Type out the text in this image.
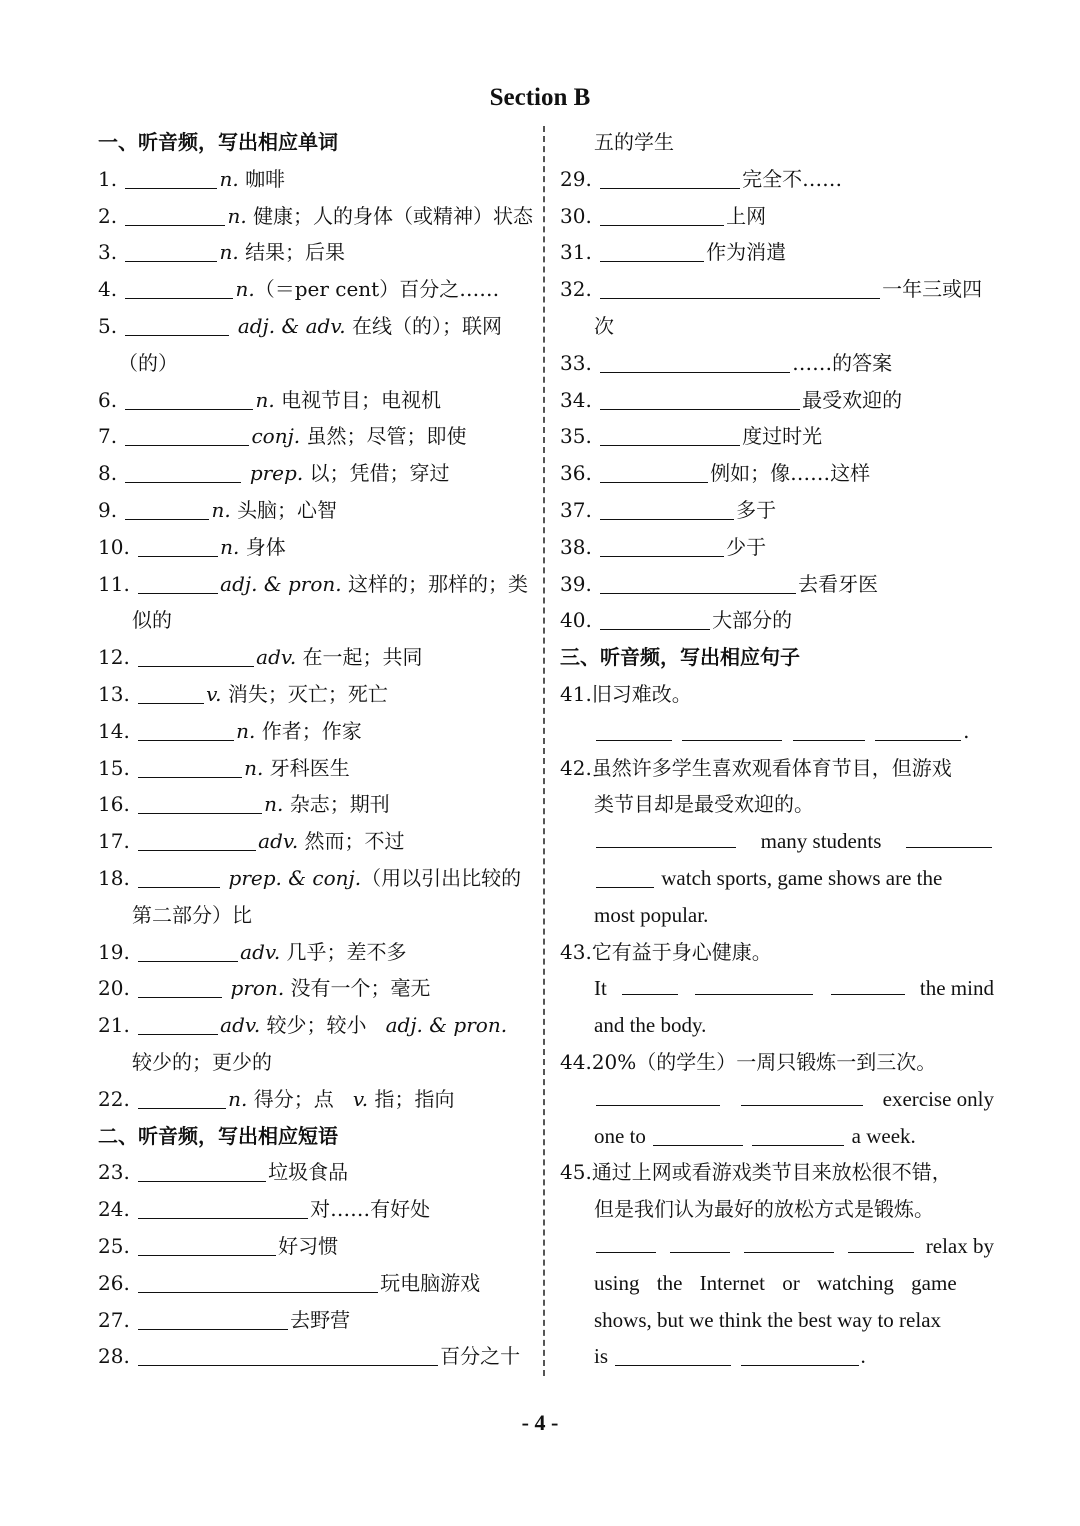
Section B
一、听音频，写出相应单词
1.	n. 咖啡
2.	n. 健康；人的身体（或精神）状态
3.	n. 结果；后果
4.	n.（＝per cent）百分之……
5.	adj. & adv. 在线（的）；联网
（的）
6.	n. 电视节目；电视机
7.	conj. 虽然；尽管；即使
8.	prep. 以；凭借；穿过
9.	n. 头脑；心智
10.	n. 身体
11.	adj. & pron. 这样的；那样的；类
似的
12.	adv. 在一起；共同
13.	v. 消失；灭亡；死亡
14.	n. 作者；作家
15.	n. 牙科医生
16.	n. 杂志；期刊
17.	adv. 然而；不过
18.	prep. & conj.（用以引出比较的
第二部分）比
19.	adv. 几乎；差不多
20.	pron. 没有一个；毫无
21.	adv. 较少；较小 adj. & pron.
较少的；更少的
22.	n. 得分；点 v. 指；指向
二、听音频，写出相应短语
23.	垃圾食品
24.	对……有好处
25.	好习惯
26.	玩电脑游戏
27.	去野营
28.	百分之十
五的学生
29.	完全不……
30.	上网
31.	作为消遣
32.	一年三或四
次
33.	……的答案
34.	最受欢迎的
35.	度过时光
36.	例如；像……这样
37.	多于
38.	少于
39.	去看牙医
40.	大部分的
三、听音频，写出相应句子
41.旧习难改。
.
42.虽然许多学生喜欢观看体育节目，但游戏
类节目却是最受欢迎的。
many students
watch sports, game shows are the
most popular.
43.它有益于身心健康。
It	the mind
and the body.
44.20%（的学生）一周只锻炼一到三次。
exercise only
one to	a week.
45.通过上网或看游戏类节目来放松很不错，
但是我们认为最好的放松方式是锻炼。
relax by
using the Internet or watching game
shows, but we think the best way to relax
is	.
- 4 -
